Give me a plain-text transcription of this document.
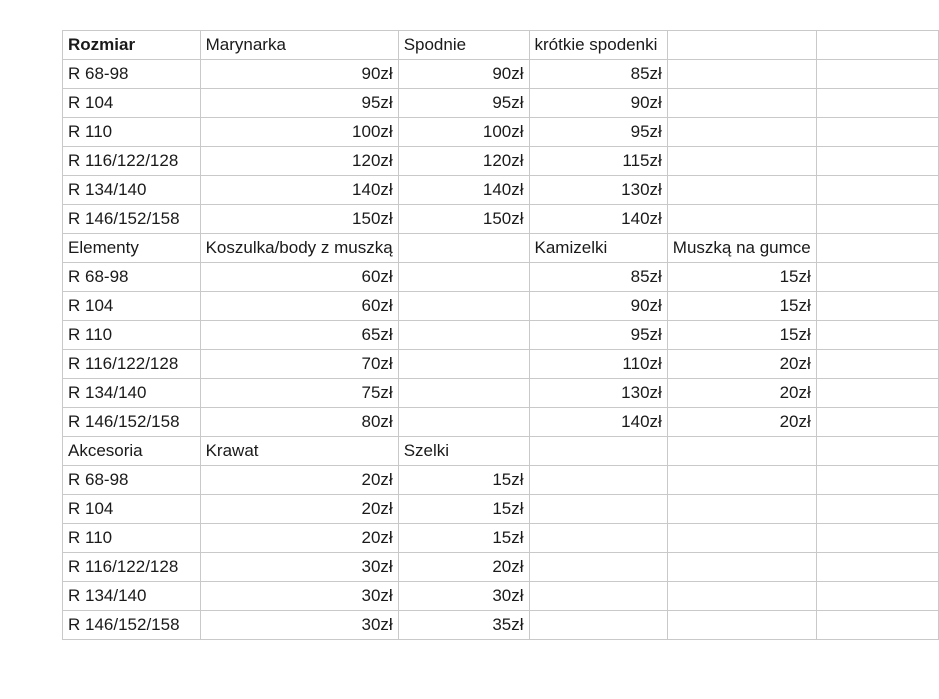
Rozmiar	Marynarka	Spodnie	krótkie spodenki		
R 68-98	90zł	90zł	85zł		
R 104	95zł	95zł	90zł		
R 110	100zł	100zł	95zł		
R 116/122/128	120zł	120zł	115zł		
R 134/140	140zł	140zł	130zł		
R 146/152/158	150zł	150zł	140zł		
Elementy	Koszulka/body z muszką		Kamizelki	Muszką na gumce	
R 68-98	60zł		85zł	15zł	
R 104	60zł		90zł	15zł	
R 110	65zł		95zł	15zł	
R 116/122/128	70zł		110zł	20zł	
R 134/140	75zł		130zł	20zł	
R 146/152/158	80zł		140zł	20zł	
Akcesoria	Krawat	Szelki			
R 68-98	20zł	15zł			
R 104	20zł	15zł			
R 110	20zł	15zł			
R 116/122/128	30zł	20zł			
R 134/140	30zł	30zł			
R 146/152/158	30zł	35zł			
